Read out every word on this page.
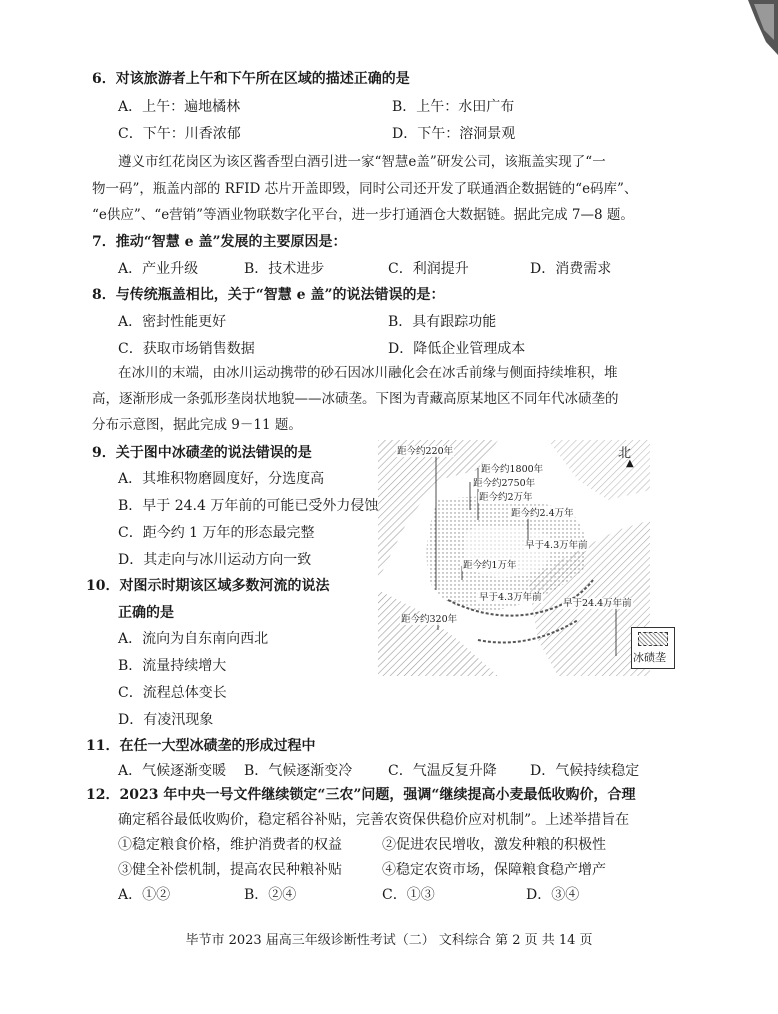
6．对该旅游者上午和下午所在区域的描述正确的是
A．上午：遍地橘林	B．上午：水田广布
C．下午：川香浓郁	D．下午：溶洞景观
遵义市红花岗区为该区酱香型白酒引进一家“智慧e盖”研发公司，该瓶盖实现了“一
物一码”，瓶盖内部的 RFID 芯片开盖即毁，同时公司还开发了联通酒企数据链的“e码库”、
“e供应”、“e营销”等酒业物联数字化平台，进一步打通酒仓大数据链。据此完成 7—8 题。
7．推动“智慧 e 盖”发展的主要原因是：
A．产业升级	B．技术进步	C．利润提升	D．消费需求
8．与传统瓶盖相比，关于“智慧 e 盖”的说法错误的是：
A．密封性能更好	B．具有跟踪功能
C．获取市场销售数据	D．降低企业管理成本
在冰川的末端，由冰川运动携带的砂石因冰川融化会在冰舌前缘与侧面持续堆积，堆
高，逐渐形成一条弧形垄岗状地貌——冰碛垄。下图为青藏高原某地区不同年代冰碛垄的
分布示意图，据此完成 9－11 题。
9．关于图中冰碛垄的说法错误的是
A．其堆积物磨圆度好，分选度高
B．早于 24.4 万年前的可能已受外力侵蚀
C．距今约 1 万年的形态最完整
D．其走向与冰川运动方向一致
10．对图示时期该区域多数河流的说法
正确的是
A．流向为自东南向西北
B．流量持续增大
C．流程总体变长
D．有凌汛现象
距今约220年
距今约1800年
距今约2750年
距今约2万年
距今约2.4万年
早于4.3万年前
距今约1万年
早于4.3万年前
早于24.4万年前
距今约320年
北
▲
冰碛垄
11．在任一大型冰碛垄的形成过程中
A．气候逐渐变暖 B．气候逐渐变冷	C．气温反复升降 D．气候持续稳定
12．2023 年中央一号文件继续锁定“三农”问题，强调“继续提高小麦最低收购价，合理
确定稻谷最低收购价，稳定稻谷补贴，完善农资保供稳价应对机制”。上述举措旨在
①稳定粮食价格，维护消费者的权益	②促进农民增收，激发种粮的积极性
③健全补偿机制，提高农民种粮补贴	④稳定农资市场，保障粮食稳产增产
A．①②	B．②④	C．①③	D．③④
毕节市 2023 届高三年级诊断性考试（二） 文科综合 第 2 页 共 14 页
